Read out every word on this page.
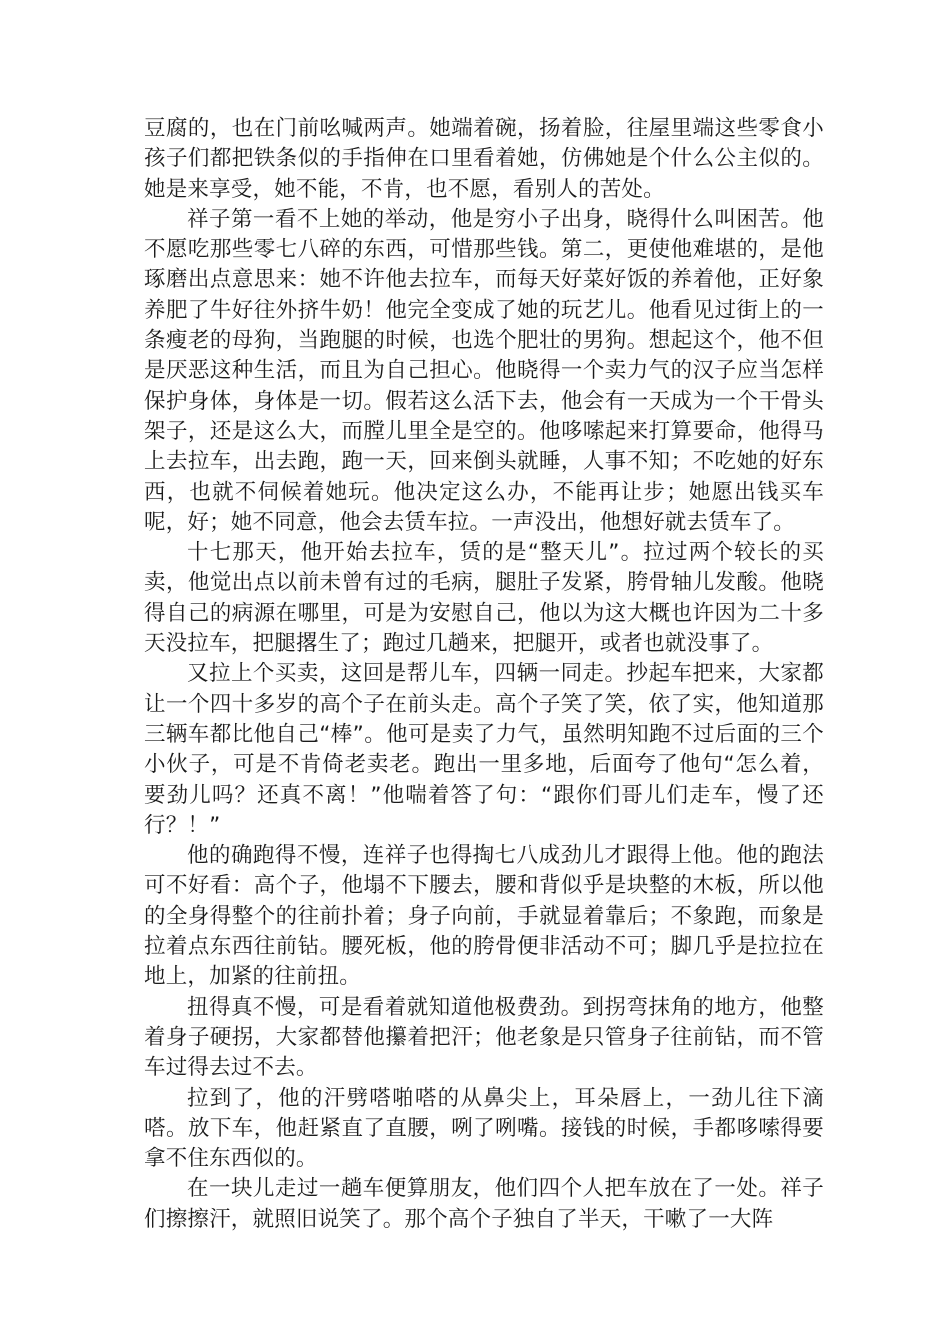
豆腐的，也在门前吆喊两声。她端着碗，扬着脸，往屋里端这些零食小孩子们都把铁条似的手指伸在口里看着她，仿佛她是个什么公主似的。她是来享受，她不能，不肯，也不愿，看别人的苦处。

祥子第一看不上她的举动，他是穷小子出身，晓得什么叫困苦。他不愿吃那些零七八碎的东西，可惜那些钱。第二，更使他难堪的，是他琢磨出点意思来：她不许他去拉车，而每天好菜好饭的养着他，正好象养肥了牛好往外挤牛奶！他完全变成了她的玩艺儿。他看见过街上的一条瘦老的母狗，当跑腿的时候，也选个肥壮的男狗。想起这个，他不但是厌恶这种生活，而且为自己担心。他晓得一个卖力气的汉子应当怎样保护身体，身体是一切。假若这么活下去，他会有一天成为一个干骨头架子，还是这么大，而膛儿里全是空的。他哆嗦起来打算要命，他得马上去拉车，出去跑，跑一天，回来倒头就睡，人事不知；不吃她的好东西，也就不伺候着她玩。他决定这么办，不能再让步；她愿出钱买车呢，好；她不同意，他会去赁车拉。一声没出，他想好就去赁车了。

十七那天，他开始去拉车，赁的是“整天儿”。拉过两个较长的买卖，他觉出点以前未曾有过的毛病，腿肚子发紧，胯骨轴儿发酸。他晓得自己的病源在哪里，可是为安慰自己，他以为这大概也许因为二十多天没拉车，把腿撂生了；跑过几趟来，把腿开，或者也就没事了。

又拉上个买卖，这回是帮儿车，四辆一同走。抄起车把来，大家都让一个四十多岁的高个子在前头走。高个子笑了笑，依了实，他知道那三辆车都比他自己“棒”。他可是卖了力气，虽然明知跑不过后面的三个小伙子，可是不肯倚老卖老。跑出一里多地，后面夸了他句“怎么着，要劲儿吗？还真不离！”他喘着答了句：“跟你们哥儿们走车，慢了还行？！”

他的确跑得不慢，连祥子也得掏七八成劲儿才跟得上他。他的跑法可不好看：高个子，他塌不下腰去，腰和背似乎是块整的木板，所以他的全身得整个的往前扑着；身子向前，手就显着靠后；不象跑，而象是拉着点东西往前钻。腰死板，他的胯骨便非活动不可；脚几乎是拉拉在地上，加紧的往前扭。

扭得真不慢，可是看着就知道他极费劲。到拐弯抹角的地方，他整着身子硬拐，大家都替他攥着把汗；他老象是只管身子往前钻，而不管车过得去过不去。

拉到了，他的汗劈嗒啪嗒的从鼻尖上，耳朵唇上，一劲儿往下滴嗒。放下车，他赶紧直了直腰，咧了咧嘴。接钱的时候，手都哆嗦得要拿不住东西似的。

在一块儿走过一趟车便算朋友，他们四个人把车放在了一处。祥子们擦擦汗，就照旧说笑了。那个高个子独自了半天，干嗽了一大阵
